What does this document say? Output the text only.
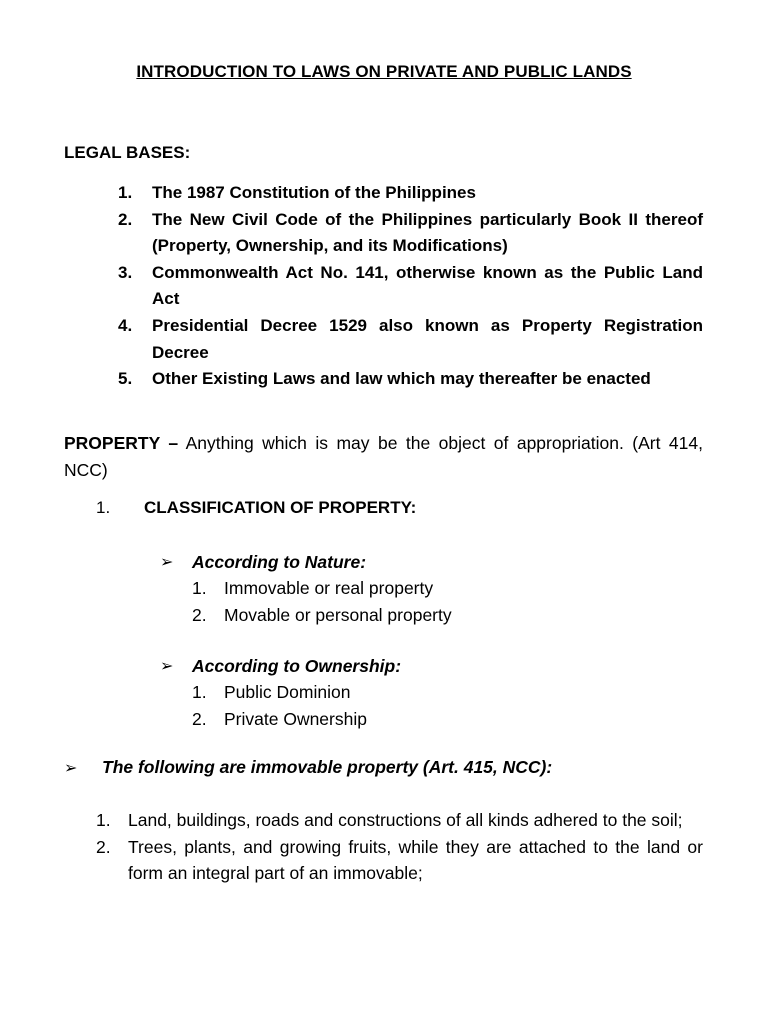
INTRODUCTION TO LAWS ON PRIVATE AND PUBLIC LANDS
LEGAL BASES:
1.	The 1987 Constitution of the Philippines
2.	The New Civil Code of the Philippines particularly Book II thereof (Property, Ownership, and its Modifications)
3.	Commonwealth Act No. 141, otherwise known as the Public Land Act
4.	Presidential Decree 1529 also known as Property Registration Decree
5.	Other Existing Laws and law which may thereafter be enacted
PROPERTY – Anything which is may be the object of appropriation. (Art 414, NCC)
1.	CLASSIFICATION OF PROPERTY:
➢	According to Nature:
1. Immovable or real property
2. Movable or personal property
➢	According to Ownership:
1. Public Dominion
2. Private Ownership
➢	The following are immovable property (Art. 415, NCC):
1. Land, buildings, roads and constructions of all kinds adhered to the soil;
2. Trees, plants, and growing fruits, while they are attached to the land or form an integral part of an immovable;
